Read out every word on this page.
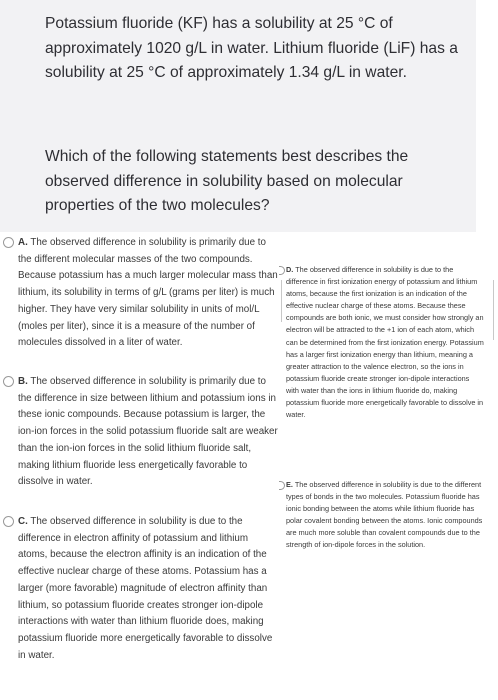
Potassium fluoride (KF) has a solubility at 25 °C of approximately 1020 g/L in water. Lithium fluoride (LiF) has a solubility at 25 °C of approximately 1.34 g/L in water.

Which of the following statements best describes the observed difference in solubility based on molecular properties of the two molecules?

A. The observed difference in solubility is primarily due to the different molecular masses of the two compounds. Because potassium has a much larger molecular mass than lithium, its solubility in terms of g/L (grams per liter) is much higher. They have very similar solubility in units of mol/L (moles per liter), since it is a measure of the number of molecules dissolved in a liter of water.
B. The observed difference in solubility is primarily due to the difference in size between lithium and potassium ions in these ionic compounds. Because potassium is larger, the ion-ion forces in the solid potassium fluoride salt are weaker than the ion-ion forces in the solid lithium fluoride salt, making lithium fluoride less energetically favorable to dissolve in water.
C. The observed difference in solubility is due to the difference in electron affinity of potassium and lithium atoms, because the electron affinity is an indication of the effective nuclear charge of these atoms. Potassium has a larger (more favorable) magnitude of electron affinity than lithium, so potassium fluoride creates stronger ion-dipole interactions with water than lithium fluoride does, making potassium fluoride more energetically favorable to dissolve in water.
D. The observed difference in solubility is due to the difference in first ionization energy of potassium and lithium atoms, because the first ionization is an indication of the effective nuclear charge of these atoms. Because these compounds are both ionic, we must consider how strongly an electron will be attracted to the +1 ion of each atom, which can be determined from the first ionization energy. Potassium has a larger first ionization energy than lithium, meaning a greater attraction to the valence electron, so the ions in potassium fluoride create stronger ion-dipole interactions with water than the ions in lithium fluoride do, making potassium fluoride more energetically favorable to dissolve in water.
E. The observed difference in solubility is due to the different types of bonds in the two molecules. Potassium fluoride has ionic bonding between the atoms while lithium fluoride has polar covalent bonding between the atoms. Ionic compounds are much more soluble than covalent compounds due to the strength of ion-dipole forces in the solution.
